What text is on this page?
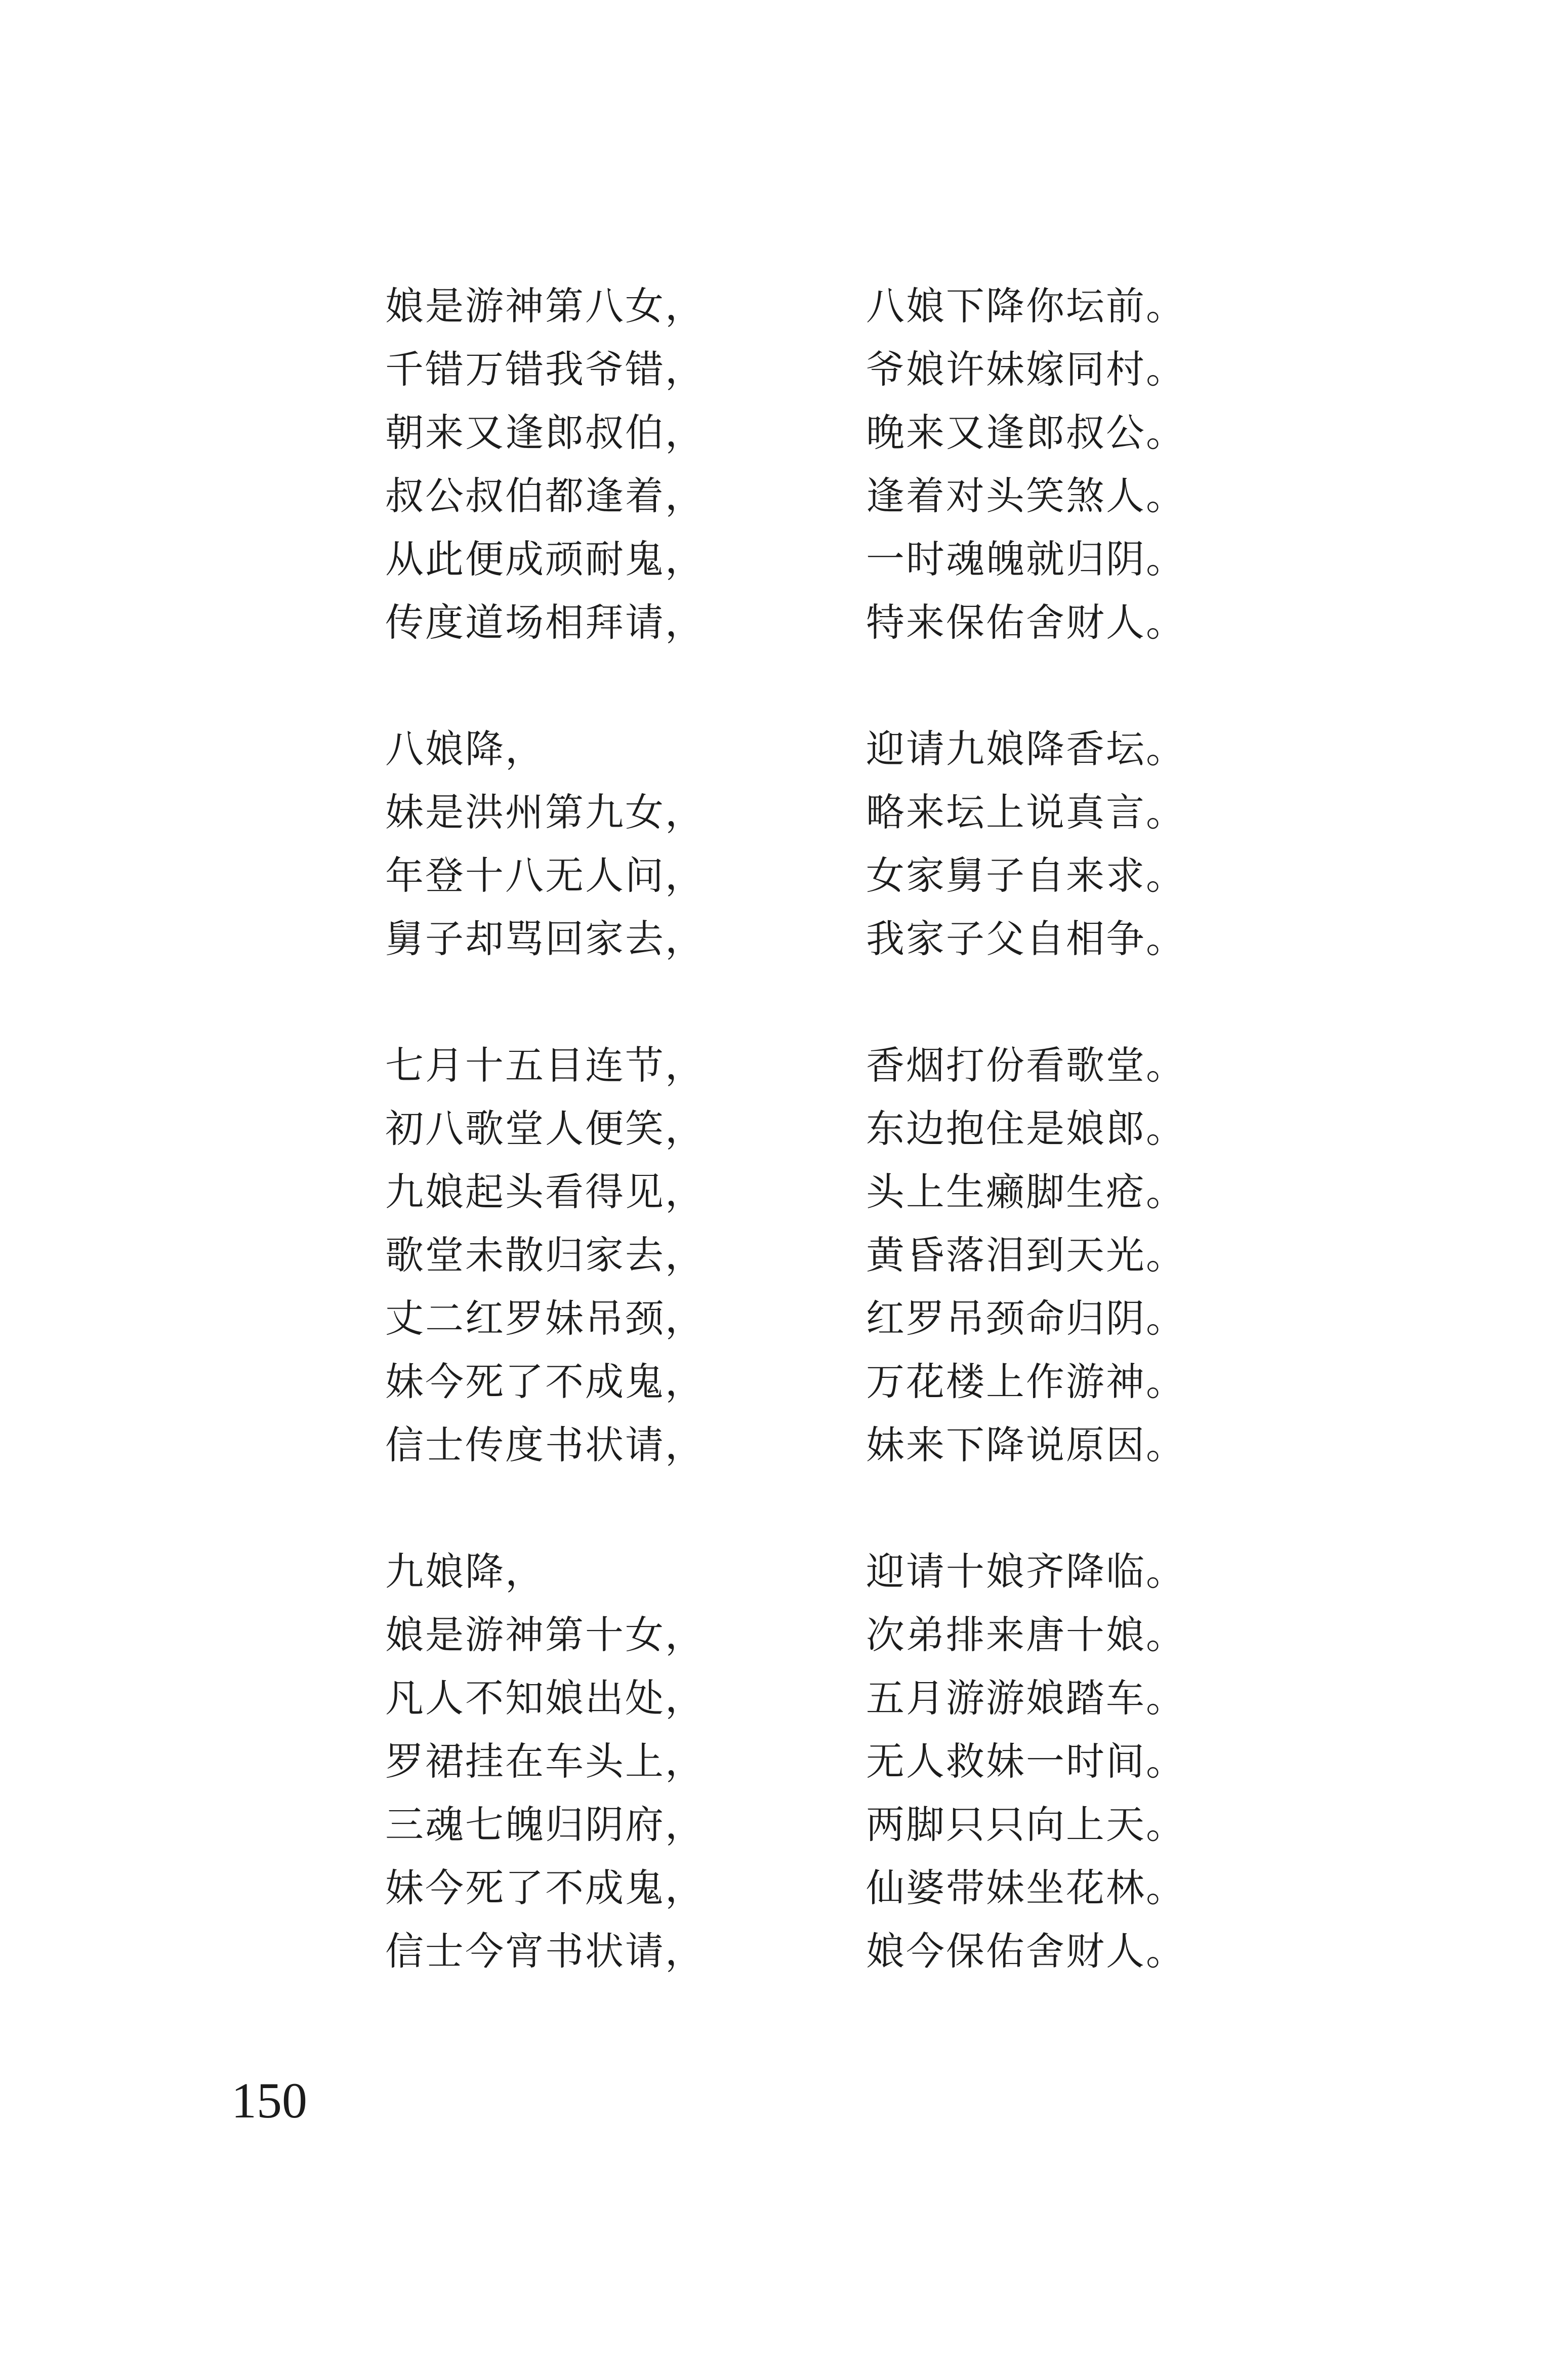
娘是游神第八女，	八娘下降你坛前。
千错万错我爷错，	爷娘许妹嫁同村。
朝来又逢郎叔伯，	晚来又逢郎叔公。
叔公叔伯都逢着，	逢着对头笑煞人。
从此便成顽耐鬼，	一时魂魄就归阴。
传度道场相拜请，	特来保佑舍财人。
八娘降，	迎请九娘降香坛。
妹是洪州第九女，	略来坛上说真言。
年登十八无人问，	女家舅子自来求。
舅子却骂回家去，	我家子父自相争。
七月十五目连节，	香烟打份看歌堂。
初八歌堂人便笑，	东边抱住是娘郎。
九娘起头看得见，	头上生癞脚生疮。
歌堂未散归家去，	黄昏落泪到天光。
丈二红罗妹吊颈，	红罗吊颈命归阴。
妹今死了不成鬼，	万花楼上作游神。
信士传度书状请，	妹来下降说原因。
九娘降，	迎请十娘齐降临。
娘是游神第十女，	次弟排来唐十娘。
凡人不知娘出处，	五月游游娘踏车。
罗裙挂在车头上，	无人救妹一时间。
三魂七魄归阴府，	两脚只只向上天。
妹今死了不成鬼，	仙婆带妹坐花林。
信士今宵书状请，	娘今保佑舍财人。
150
